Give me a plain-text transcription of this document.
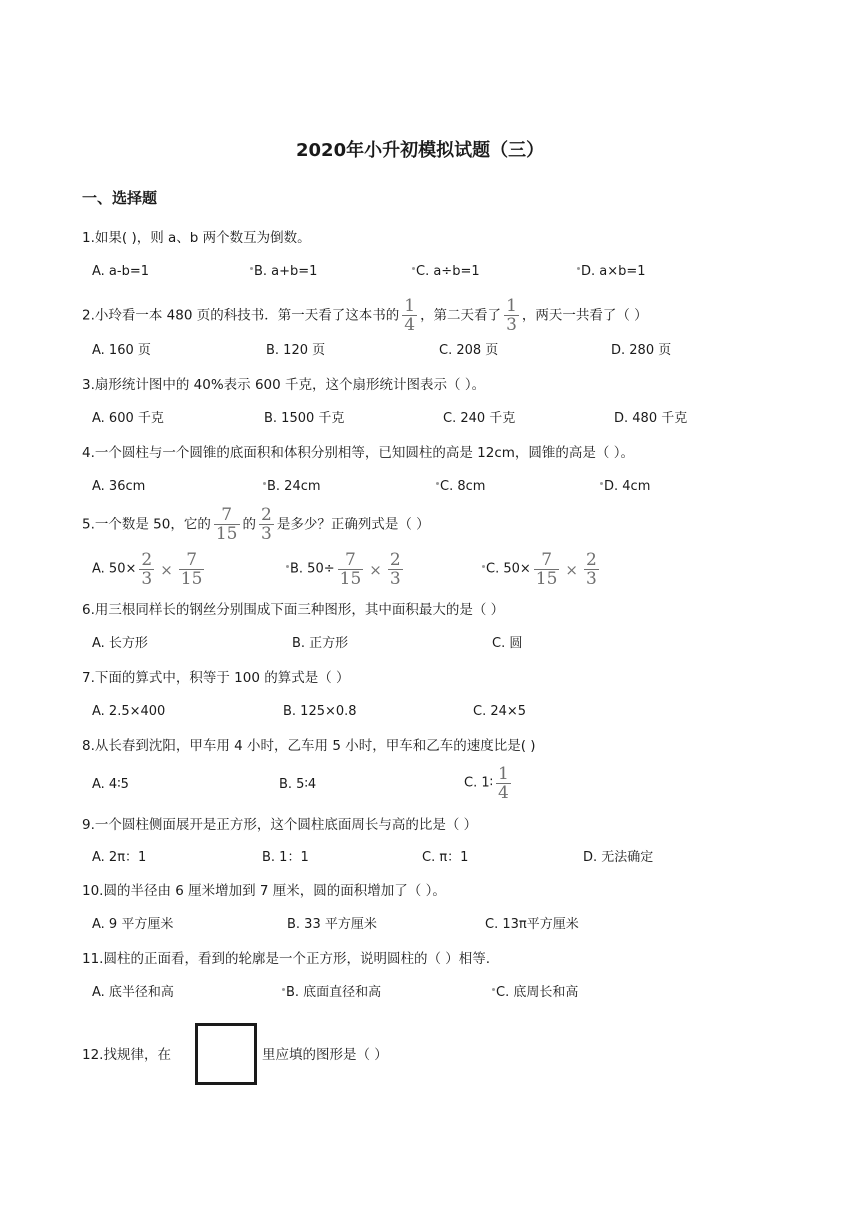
2020年小升初模拟试题（三）
一、选择题
1.如果( )，则 a、b 两个数互为倒数。
A. a-b=1	B. a+b=1	C. a÷b=1	D. a×b=1
2.小玲看一本 480 页的科技书．第一天看了这本书的 $\frac{1}{4}$ ，第二天看了 $\frac{1}{3}$ ，两天一共看了（ ）
A. 160 页	B. 120 页	C. 208 页	D. 280 页
3.扇形统计图中的 40%表示 600 千克，这个扇形统计图表示（ ）。
A. 600 千克	B. 1500 千克	C. 240 千克	D. 480 千克
4.一个圆柱与一个圆锥的底面积和体积分别相等，已知圆柱的高是 12cm，圆锥的高是（ ）。
A. 36cm	B. 24cm	C. 8cm	D. 4cm
5.一个数是 50，它的 $\frac{7}{15}$ 的 $\frac{2}{3}$ 是多少？正确列式是（ ）
A. $50\times \frac{2}{3} \times \frac{7}{15}$	B. $50\div \frac{7}{15} \times \frac{2}{3}$	C. $50\times \frac{7}{15} \times \frac{2}{3}$
6.用三根同样长的钢丝分别围成下面三种图形，其中面积最大的是（ ）
A. 长方形	B. 正方形	C. 圆
7.下面的算式中，积等于 100 的算式是（ ）
A. 2.5×400	B. 125×0.8	C. 24×5
8.从长春到沈阳，甲车用 4 小时，乙车用 5 小时，甲车和乙车的速度比是( )
A. 4∶5	B. 5∶4	C. 1∶ $\frac{1}{4}$
9.一个圆柱侧面展开是正方形，这个圆柱底面周长与高的比是（ ）
A. 2π：1	B. 1：1	C. π：1	D. 无法确定
10.圆的半径由 6 厘米增加到 7 厘米，圆的面积增加了（ ）。
A. 9 平方厘米	B. 33 平方厘米	C. 13π平方厘米
11.圆柱的正面看，看到的轮廓是一个正方形，说明圆柱的（ ）相等.
A. 底半径和高	B. 底面直径和高	C. 底周长和高
12.找规律，在	里应填的图形是（ ）
